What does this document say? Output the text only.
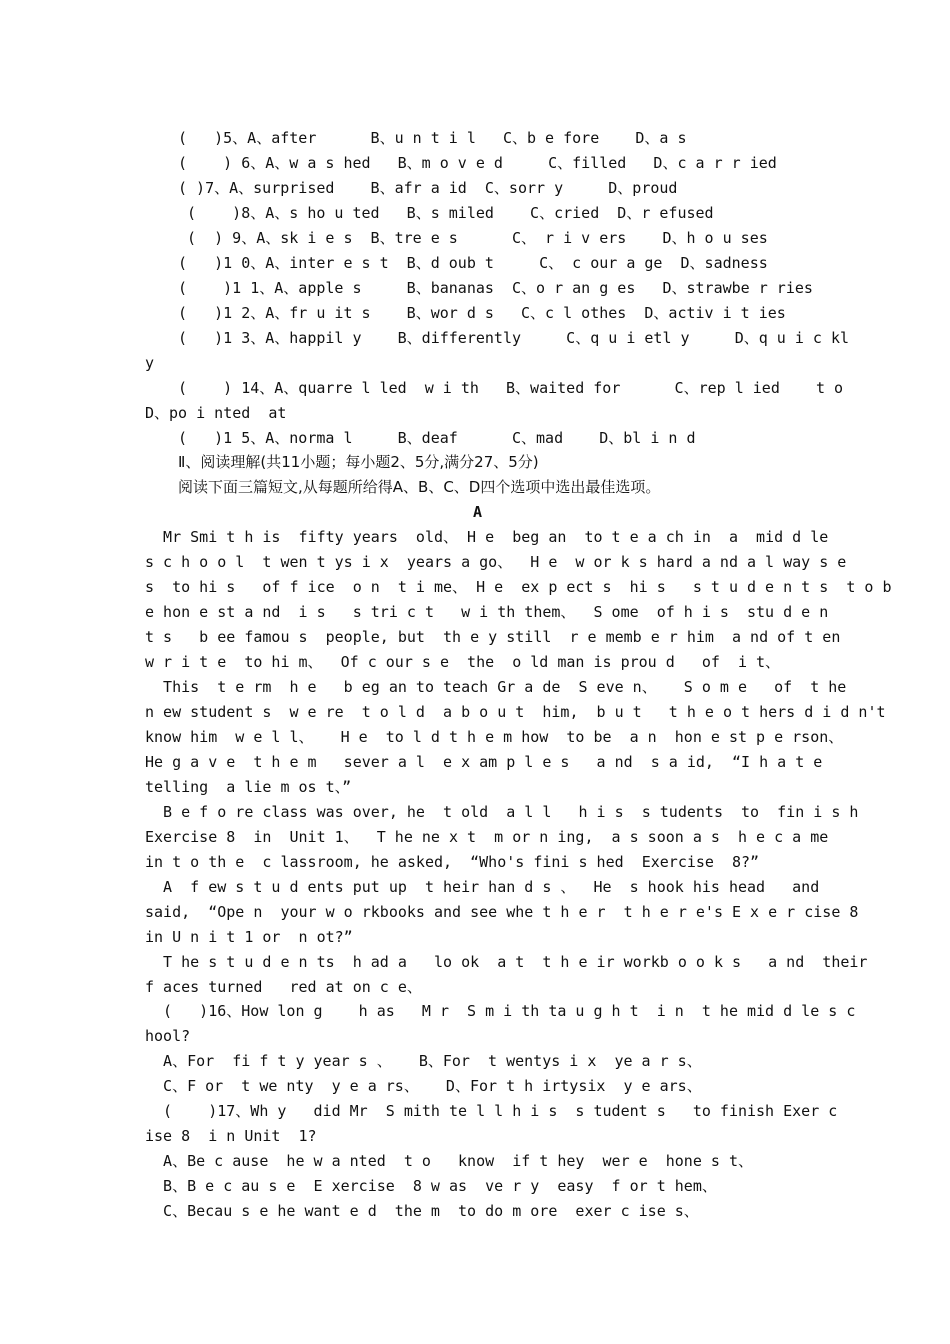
(   )5、A、after      B、u n t i l   C、b e fore    D、a s
(    ) 6、A、w a s hed   B、m o v e d     C、filled   D、c a r r ied
( )7、A、surprised    B、afr a id  C、sorr y     D、proud
(    )8、A、s ho u ted   B、s miled    C、cried  D、r efused
(  ) 9、A、sk i e s  B、tre e s      C、 r i v ers    D、h o u ses
(   )1 0、A、inter e s t  B、d oub t     C、 c our a ge  D、sadness
(    )1 1、A、apple s     B、bananas  C、o r an g es   D、strawbe r ries
(   )1 2、A、fr u it s    B、wor d s   C、c l othes  D、activ i t ies
(   )1 3、A、happil y    B、differently     C、q u i etl y     D、q u i c kl
y
(    ) 14、A、quarre l led  w i th   B、waited for      C、rep l ied    t o
D、po i nted  at
(   )1 5、A、norma l     B、deaf      C、mad    D、bl i n d
Ⅱ、阅读理解(共11小题；每小题2、5分,满分27、5分)
阅读下面三篇短文,从每题所给得A、B、C、D四个选项中选出最佳选项。
A
Mr Smi t h is  fifty years  old、 H e  beg an  to t e a ch in  a  mid d le
s c h o o l  t wen t ys i x  years a go、  H e  w or k s hard a nd a l way s e
s  to hi s   of f ice  o n  t i me、 H e  ex p ect s  hi s   s t u d e n t s  t o b
e hon e st a nd  i s   s tri c t   w i th them、  S ome  of h i s  stu d e n
t s   b ee famou s  people, but  th e y still  r e memb e r him  a nd of t en
w r i t e  to hi m、  Of c our s e  the  o ld man is prou d   of  i t、
This  t e rm  h e   b eg an to teach Gr a de  S eve n、   S o m e   of  t he
n ew student s  w e re  t o l d  a b o u t  him,  b u t   t h e o t hers d i d n't
know him  w e l l、   H e  to l d t h e m how  to be  a n  hon e st p e rson、
He g a v e  t h e m   sever a l  e x am p l e s   a nd  s a id,  “I h a t e
telling  a lie m os t、”
B e f o re class was over, he  t old  a l l   h i s  s tudents  to  fin i s h
Exercise 8  in  Unit 1、  T he ne x t  m or n ing,  a s soon a s  h e c a me
in t o th e  c lassroom, he asked,  “Who's fini s hed  Exercise  8?”
A  f ew s t u d ents put up  t heir han d s 、  He  s hook his head   and
said,  “Ope n  your w o rkbooks and see whe t h e r  t h e r e's E x e r cise 8
in U n i t 1 or  n ot?”
T he s t u d e n ts  h ad a   lo ok  a t  t h e ir workb o o k s   a nd  their
f aces turned   red at on c e、
(   )16、How lon g    h as   M r  S m i th ta u g h t  i n  t he mid d le s c
hool?
A、For  fi f t y year s 、   B、For  t wentys i x  ye a r s、
C、F or  t we nty  y e a rs、   D、For t h irtysix  y e ars、
(    )17、Wh y   did Mr  S mith te l l h i s  s tudent s   to finish Exer c
ise 8  i n Unit  1?
A、Be c ause  he w a nted  t o   know  if t hey  wer e  hone s t、
B、B e c au s e  E xercise  8 w as  ve r y  easy  f or t hem、
C、Becau s e he want e d  the m  to do m ore  exer c ise s、
